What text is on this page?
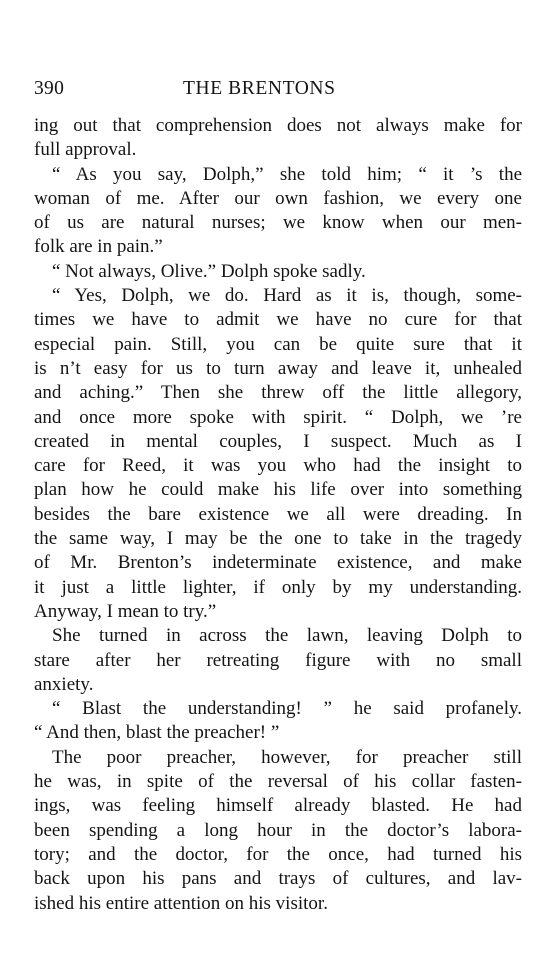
390	THE BRENTONS
ing out that comprehension does not always make for
full approval.
“ As you say, Dolph,” she told him; “ it ’s the
woman of me. After our own fashion, we every one
of us are natural nurses; we know when our men-
folk are in pain.”
“ Not always, Olive.” Dolph spoke sadly.
“ Yes, Dolph, we do. Hard as it is, though, some-
times we have to admit we have no cure for that
especial pain. Still, you can be quite sure that it
is n’t easy for us to turn away and leave it, unhealed
and aching.” Then she threw off the little allegory,
and once more spoke with spirit. “ Dolph, we ’re
created in mental couples, I suspect. Much as I
care for Reed, it was you who had the insight to
plan how he could make his life over into something
besides the bare existence we all were dreading. In
the same way, I may be the one to take in the tragedy
of Mr. Brenton’s indeterminate existence, and make
it just a little lighter, if only by my understanding.
Anyway, I mean to try.”
She turned in across the lawn, leaving Dolph to
stare after her retreating figure with no small
anxiety.
“ Blast the understanding! ” he said profanely.
“ And then, blast the preacher! ”
The poor preacher, however, for preacher still
he was, in spite of the reversal of his collar fasten-
ings, was feeling himself already blasted. He had
been spending a long hour in the doctor’s labora-
tory; and the doctor, for the once, had turned his
back upon his pans and trays of cultures, and lav-
ished his entire attention on his visitor.
